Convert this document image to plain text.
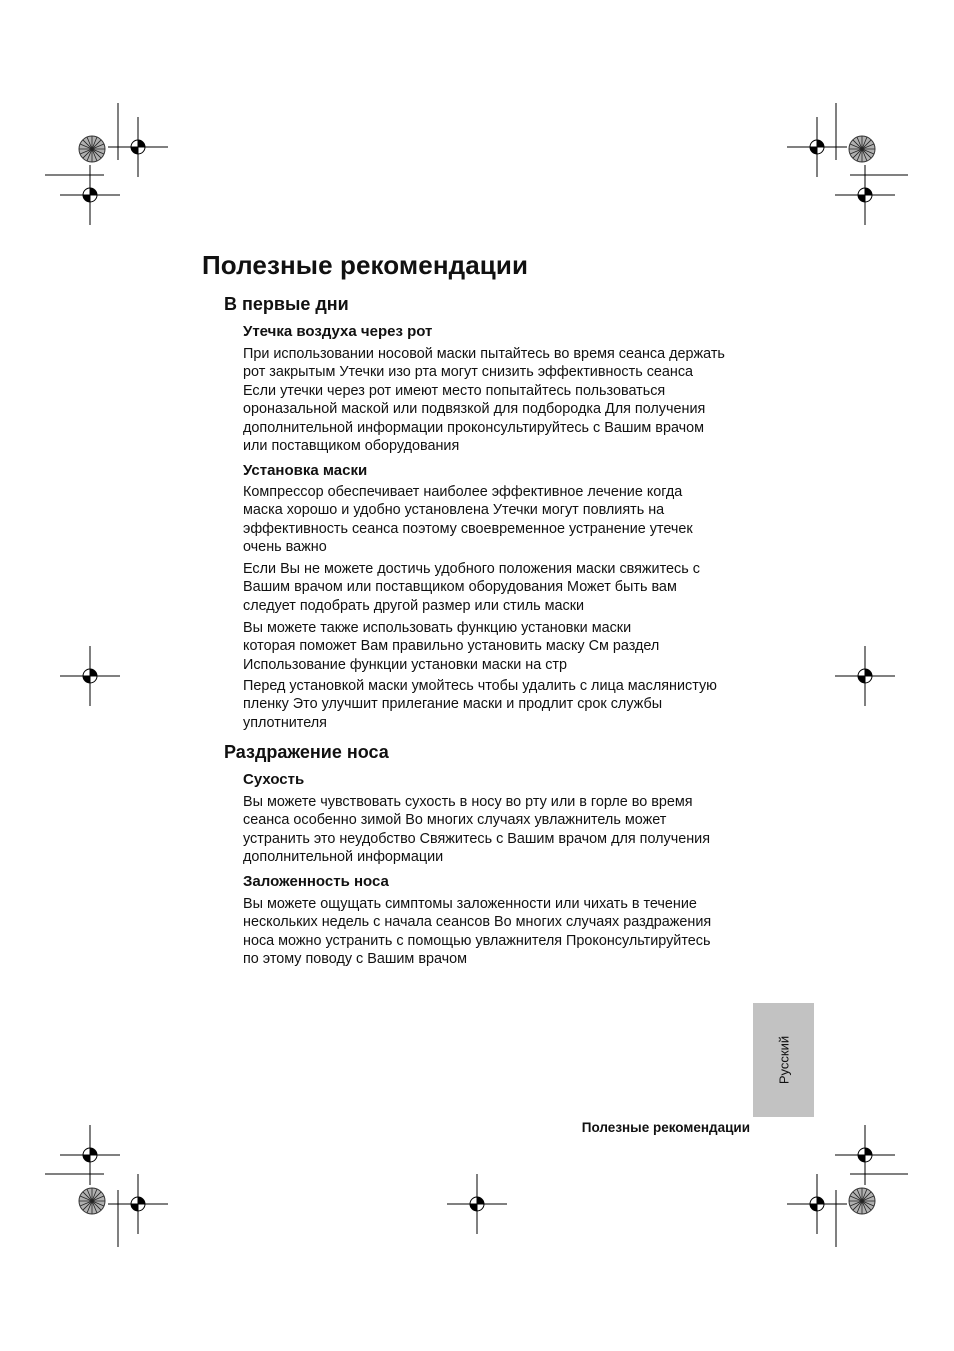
Полезные рекомендации
В первые дни
Утечка воздуха через рот

При использовании носовой маски пытайтесь во время сеанса держать
рот закрытым Утечки изо рта могут снизить эффективность сеанса
Если утечки через рот имеют место попытайтесь пользоваться
ороназальной маской или подвязкой для подбородка Для получения
дополнительной информации проконсультируйтесь с Вашим врачом
или поставщиком оборудования

Установка маски

Компрессор обеспечивает наиболее эффективное лечение когда
маска хорошо и удобно установлена Утечки могут повлиять на
эффективность сеанса поэтому своевременное устранение утечек
очень важно

Если Вы не можете достичь удобного положения маски свяжитесь с
Вашим врачом или поставщиком оборудования Может быть вам
следует подобрать другой размер или стиль маски

Вы можете также использовать функцию установки маски
которая поможет Вам правильно установить маску См раздел
Использование функции установки маски на стр

Перед установкой маски умойтесь чтобы удалить с лица маслянистую
пленку Это улучшит прилегание маски и продлит срок службы
уплотнителя

Раздражение носа
Сухость

Вы можете чувствовать сухость в носу во рту или в горле во время
сеанса особенно зимой Во многих случаях увлажнитель может
устранить это неудобство Свяжитесь с Вашим врачом для получения
дополнительной информации

Заложенность носа

Вы можете ощущать симптомы заложенности или чихать в течение
нескольких недель с начала сеансов Во многих случаях раздражения
носа можно устранить с помощью увлажнителя Проконсультируйтесь
по этому поводу с Вашим врачом

Русский
Полезные рекомендации
